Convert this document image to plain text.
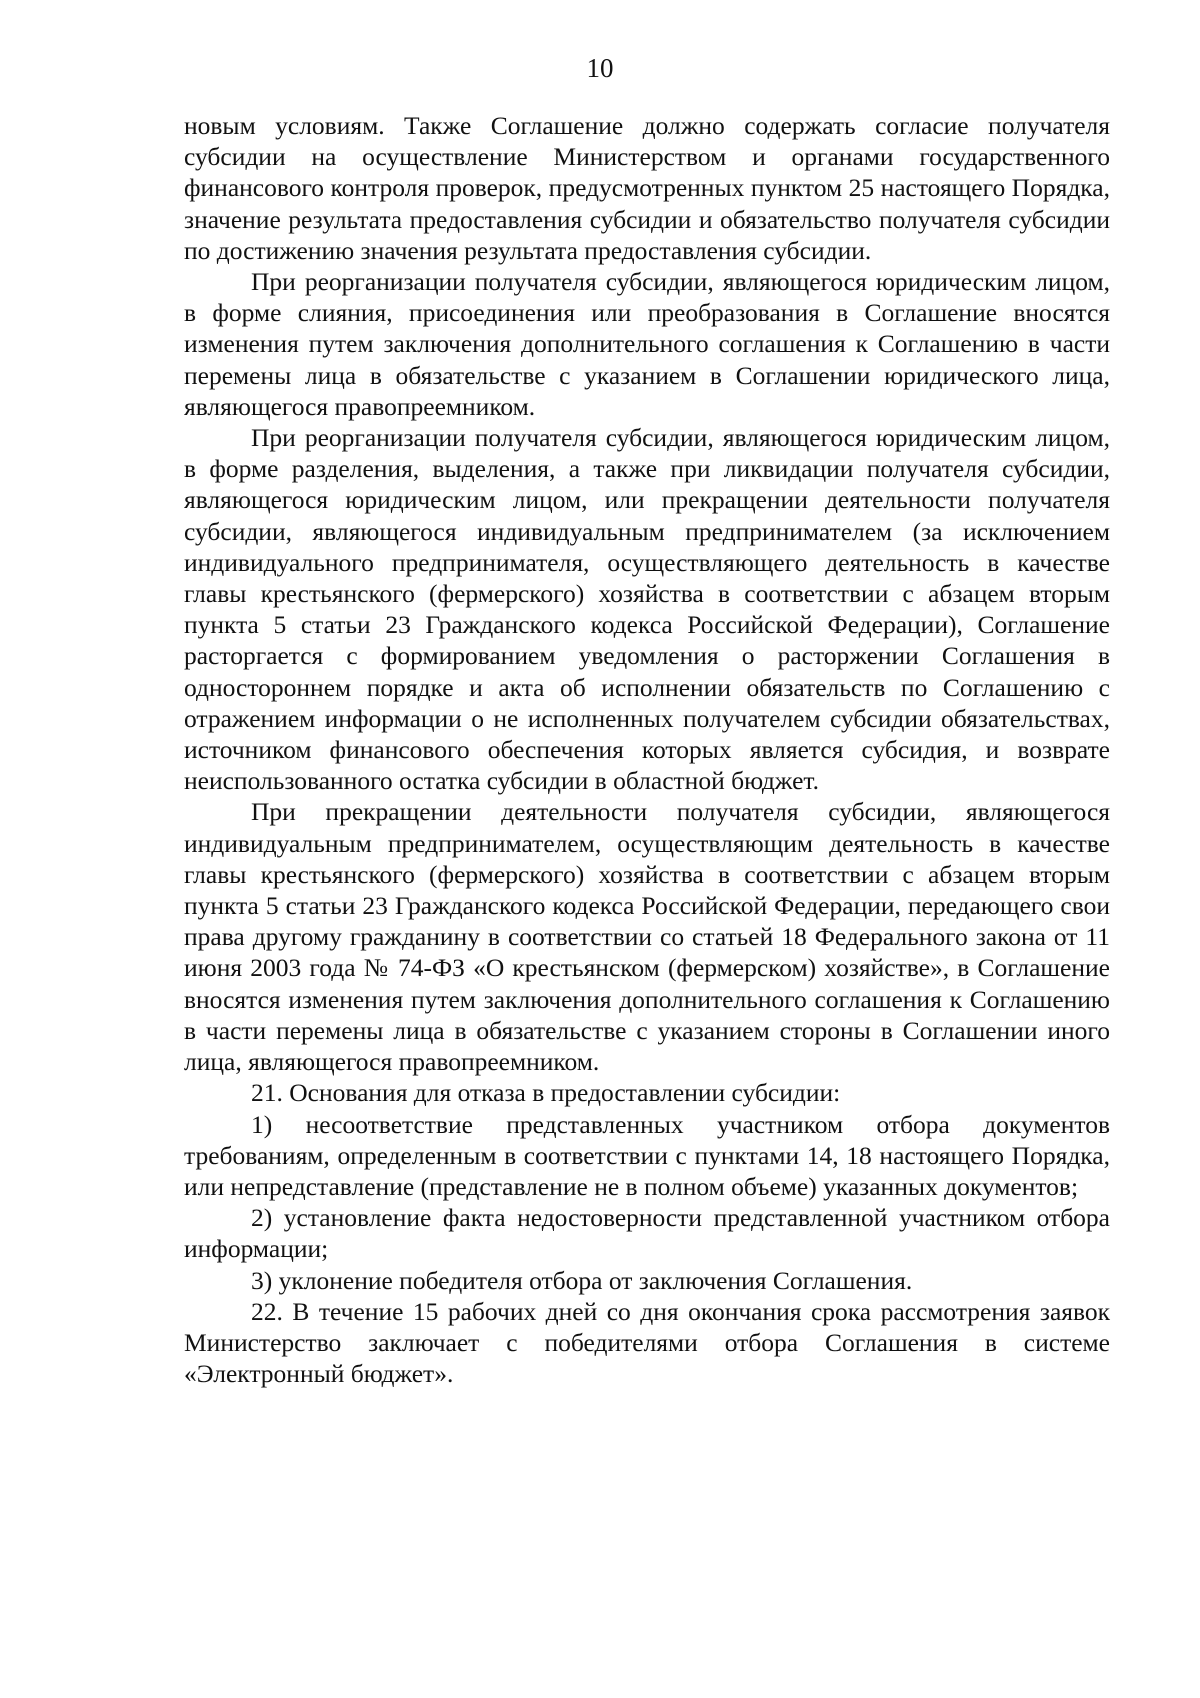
10

новым условиям. Также Соглашение должно содержать согласие получателя субсидии на осуществление Министерством и органами государственного финансового контроля проверок, предусмотренных пунктом 25 настоящего Порядка, значение результата предоставления субсидии и обязательство получателя субсидии по достижению значения результата предоставления субсидии.

При реорганизации получателя субсидии, являющегося юридическим лицом, в форме слияния, присоединения или преобразования в Соглашение вносятся изменения путем заключения дополнительного соглашения к Соглашению в части перемены лица в обязательстве с указанием в Соглашении юридического лица, являющегося правопреемником.

При реорганизации получателя субсидии, являющегося юридическим лицом, в форме разделения, выделения, а также при ликвидации получателя субсидии, являющегося юридическим лицом, или прекращении деятельности получателя субсидии, являющегося индивидуальным предпринимателем (за исключением индивидуального предпринимателя, осуществляющего деятельность в качестве главы крестьянского (фермерского) хозяйства в соответствии с абзацем вторым пункта 5 статьи 23 Гражданского кодекса Российской Федерации), Соглашение расторгается с формированием уведомления о расторжении Соглашения в одностороннем порядке и акта об исполнении обязательств по Соглашению с отражением информации о не исполненных получателем субсидии обязательствах, источником финансового обеспечения которых является субсидия, и возврате неиспользованного остатка субсидии в областной бюджет.

При прекращении деятельности получателя субсидии, являющегося индивидуальным предпринимателем, осуществляющим деятельность в качестве главы крестьянского (фермерского) хозяйства в соответствии с абзацем вторым пункта 5 статьи 23 Гражданского кодекса Российской Федерации, передающего свои права другому гражданину в соответствии со статьей 18 Федерального закона от 11 июня 2003 года № 74-ФЗ «О крестьянском (фермерском) хозяйстве», в Соглашение вносятся изменения путем заключения дополнительного соглашения к Соглашению в части перемены лица в обязательстве с указанием стороны в Соглашении иного лица, являющегося правопреемником.

21. Основания для отказа в предоставлении субсидии:

1) несоответствие представленных участником отбора документов требованиям, определенным в соответствии с пунктами 14, 18 настоящего Порядка, или непредставление (представление не в полном объеме) указанных документов;

2) установление факта недостоверности представленной участником отбора информации;

3) уклонение победителя отбора от заключения Соглашения.

22. В течение 15 рабочих дней со дня окончания срока рассмотрения заявок Министерство заключает с победителями отбора Соглашения в системе «Электронный бюджет».
